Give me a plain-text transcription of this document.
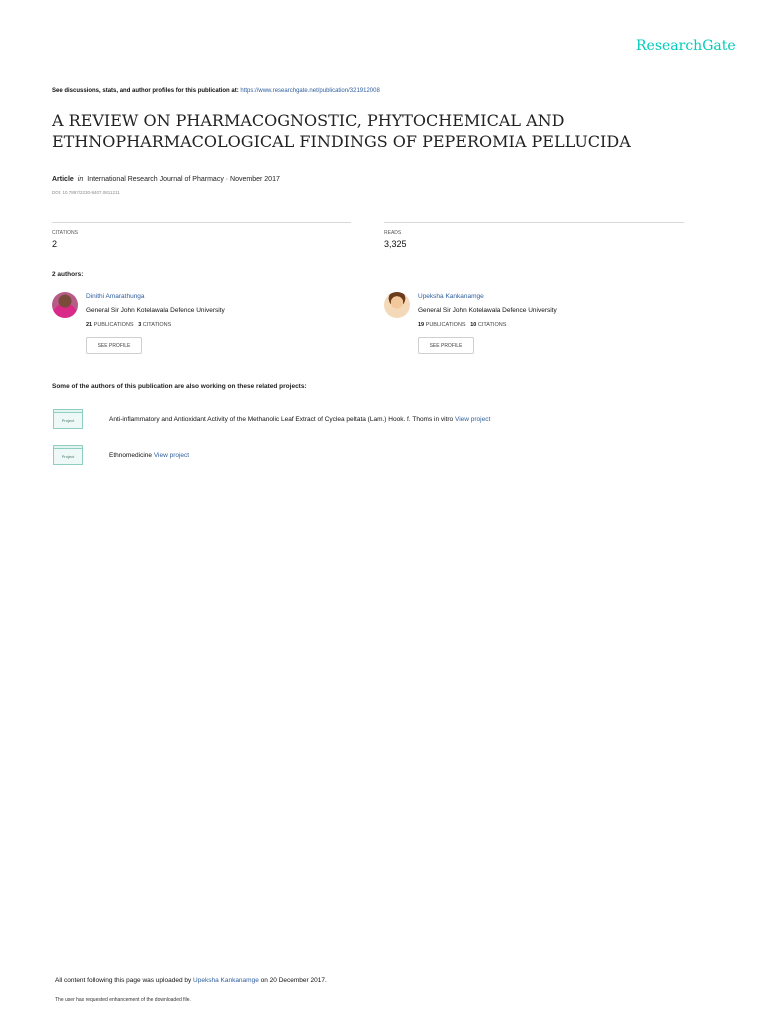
ResearchGate
See discussions, stats, and author profiles for this publication at: https://www.researchgate.net/publication/321912008
A REVIEW ON PHARMACOGNOSTIC, PHYTOCHEMICAL AND ETHNOPHARMACOLOGICAL FINDINGS OF PEPEROMIA PELLUCIDA
Article in International Research Journal of Pharmacy · November 2017
DOI: 10.7897/2230-8407.0811211
CITATIONS
2
READS
3,325
2 authors:
Dinithi Amarathunga
General Sir John Kotelawala Defence University
21 PUBLICATIONS 3 CITATIONS
SEE PROFILE
Upeksha Kankanamge
General Sir John Kotelawala Defence University
19 PUBLICATIONS 10 CITATIONS
SEE PROFILE
Some of the authors of this publication are also working on these related projects:
Project	Anti-inflammatory and Antioxidant Activity of the Methanolic Leaf Extract of Cyclea peltata (Lam.) Hook. f. Thoms in vitro View project
Project	Ethnomedicine View project
All content following this page was uploaded by Upeksha Kankanamge on 20 December 2017.
The user has requested enhancement of the downloaded file.
